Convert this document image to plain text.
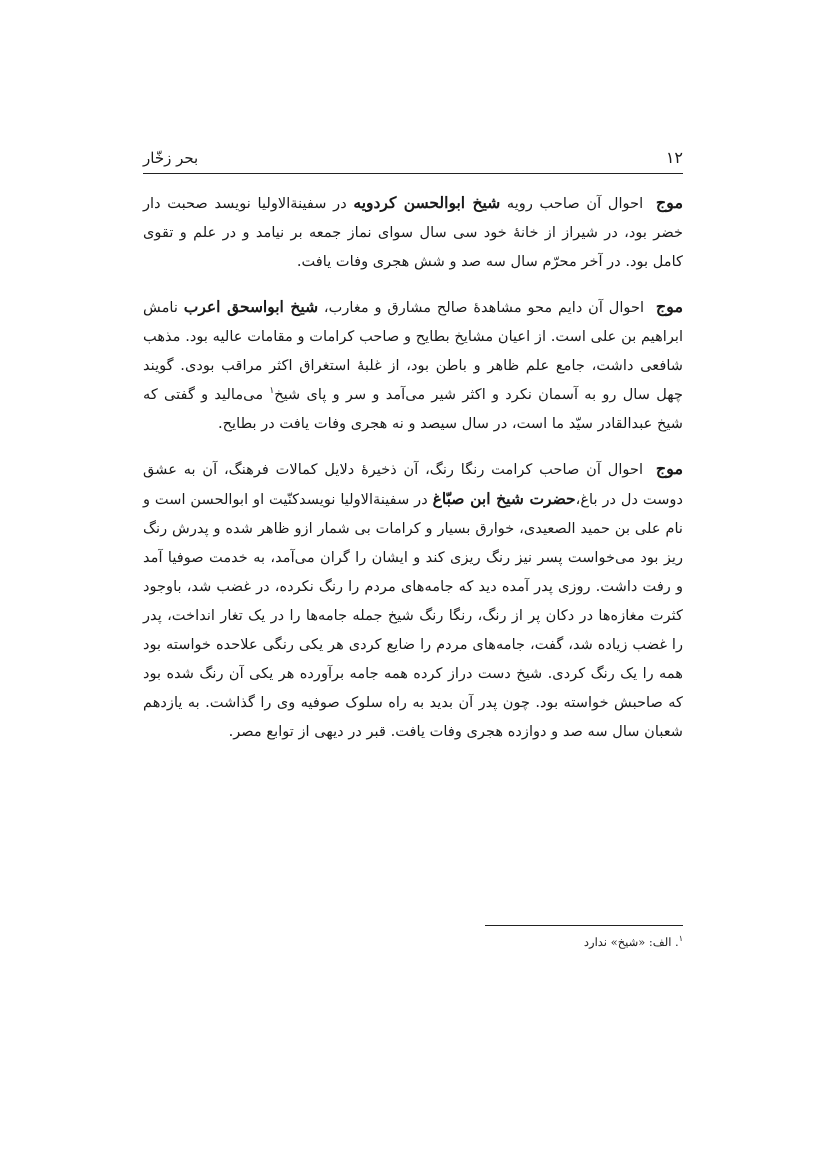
١٢
بحر زخّار

موج احوال آن صاحب رویه شیخ ابوالحسن کردویه در سفینةالاولیا نویسد صحبت دار خضر بود، در شیراز از خانهٔ خود سی سال سوای نماز جمعه بر نیامد و در علم و تقوی کامل بود. در آخر محرّم سال سه صد و شش هجری وفات یافت.

موج احوال آن دایم محو مشاهدهٔ صالح مشارق و مغارب، شیخ ابواسحق اعرب نامش ابراهیم بن علی است. از اعیان مشایخ بطایح و صاحب کرامات و مقامات عالیه بود. مذهب شافعی داشت، جامع علم ظاهر و باطن بود، از غلبهٔ استغراق اکثر مراقب بودی. گویند چهل سال رو به آسمان نکرد و اکثر شیر می‌آمد و سر و پای شیخ$^١$ می‌مالید و گفتی که شیخ عبدالقادر سیّد ما است، در سال سیصد و نه هجری وفات یافت در بطایح.

موج احوال آن صاحب کرامت رنگا رنگ، آن ذخیرهٔ دلایل کمالات فرهنگ، آن به عشق دوست دل در باغ،حضرت شیخ ابن صبّاغ در سفینةالاولیا نویسدکنّیت او ابوالحسن است و نام علی بن حمید الصعیدی، خوارق بسیار و کرامات بی شمار ازو ظاهر شده و پدرش رنگ ریز بود می‌خواست پسر نیز رنگ ریزی کند و ایشان را گران می‌آمد، به خدمت صوفیا آمد و رفت داشت. روزی پدر آمده دید که جامه‌های مردم را رنگ نکرده، در غضب شد، باوجود کثرت مغازه‌ها در دکان پر از رنگ، رنگا رنگ شیخ جمله جامه‌ها را در یک تغار انداخت، پدر را غضب زیاده شد، گفت، جامه‌های مردم را ضایع کردی هر یکی رنگی علاحده خواسته بود همه را یک رنگ کردی. شیخ دست دراز کرده همه جامه برآورده هر یکی آن رنگ شده بود که صاحبش خواسته بود. چون پدر آن بدید به راه سلوک صوفیه وی را گذاشت. به یازدهم شعبان سال سه صد و دوازده هجری وفات یافت. قبر در دیهی از توابع مصر.

$^١$. الف: «شیخ» ندارد
